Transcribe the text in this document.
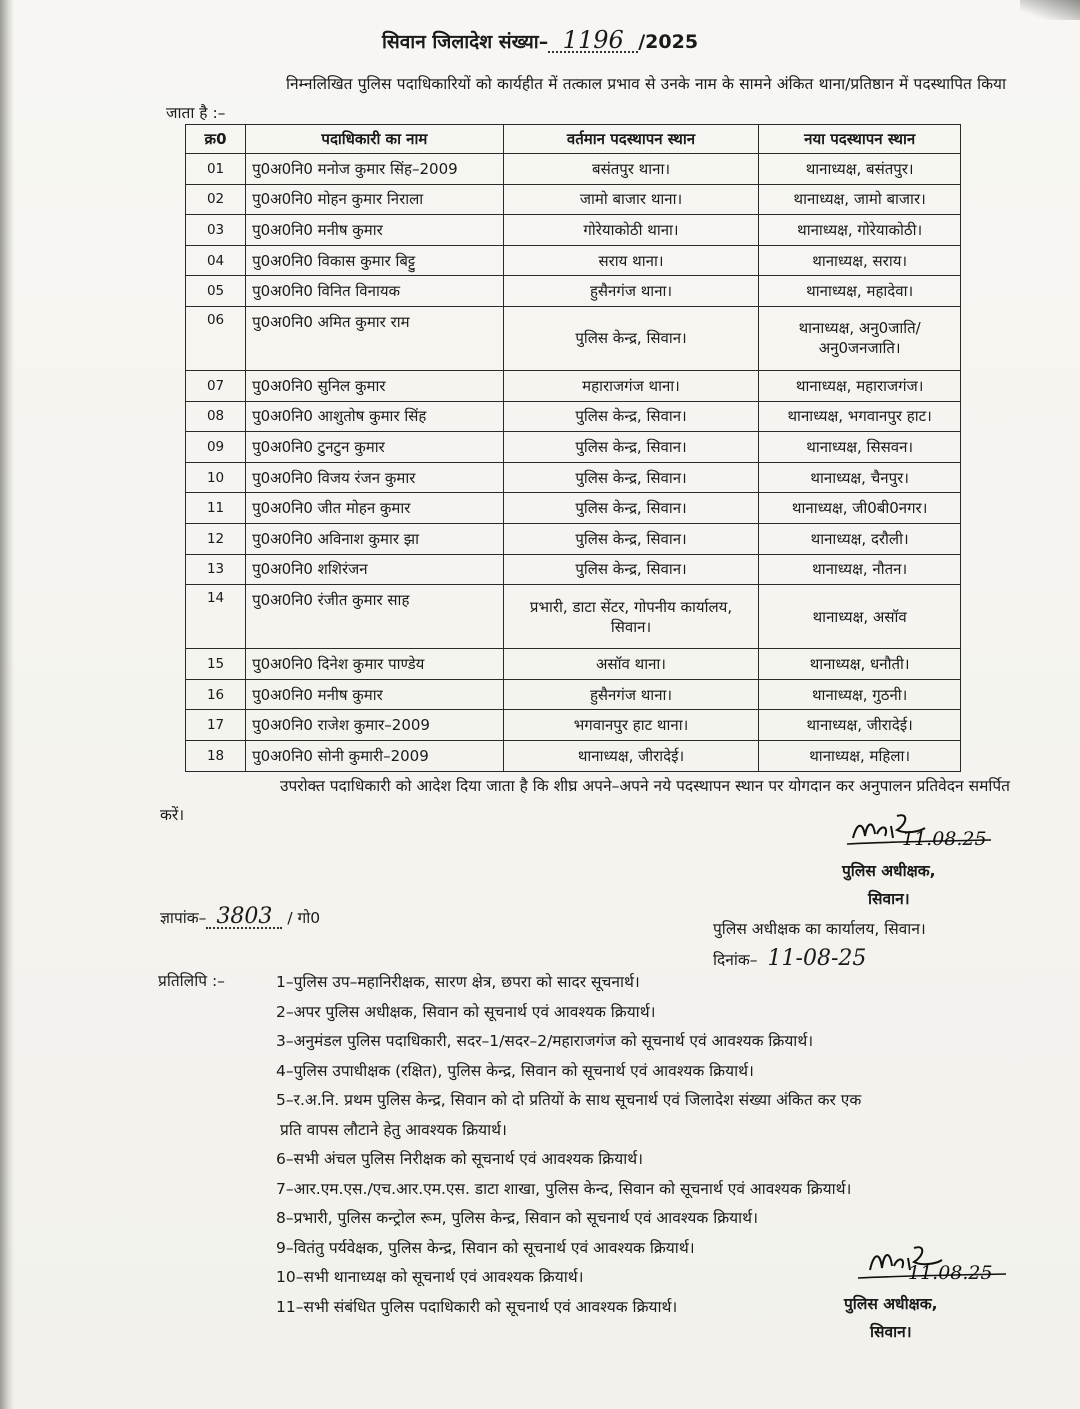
सिवान जिलादेश संख्या– 1196 /2025
निम्नलिखित पुलिस पदाधिकारियों को कार्यहीत में तत्काल प्रभाव से उनके नाम के सामने अंकित थाना/प्रतिष्ठान में पदस्थापित किया जाता है :–
क्र0	पदाधिकारी का नाम	वर्तमान पदस्थापन स्थान	नया पदस्थापन स्थान
01	पु0अ0नि0 मनोज कुमार सिंह–2009	बसंतपुर थाना।	थानाध्यक्ष, बसंतपुर।
02	पु0अ0नि0 मोहन कुमार निराला	जामो बाजार थाना।	थानाध्यक्ष, जामो बाजार।
03	पु0अ0नि0 मनीष कुमार	गोरेयाकोठी थाना।	थानाध्यक्ष, गोरेयाकोठी।
04	पु0अ0नि0 विकास कुमार बिट्टु	सराय थाना।	थानाध्यक्ष, सराय।
05	पु0अ0नि0 विनित विनायक	हुसैनगंज थाना।	थानाध्यक्ष, महादेवा।
06	पु0अ0नि0 अमित कुमार राम	पुलिस केन्द्र, सिवान।	थानाध्यक्ष, अनु0जाति/अनु0जनजाति।
07	पु0अ0नि0 सुनिल कुमार	महाराजगंज थाना।	थानाध्यक्ष, महाराजगंज।
08	पु0अ0नि0 आशुतोष कुमार सिंह	पुलिस केन्द्र, सिवान।	थानाध्यक्ष, भगवानपुर हाट।
09	पु0अ0नि0 टुनटुन कुमार	पुलिस केन्द्र, सिवान।	थानाध्यक्ष, सिसवन।
10	पु0अ0नि0 विजय रंजन कुमार	पुलिस केन्द्र, सिवान।	थानाध्यक्ष, चैनपुर।
11	पु0अ0नि0 जीत मोहन कुमार	पुलिस केन्द्र, सिवान।	थानाध्यक्ष, जी0बी0नगर।
12	पु0अ0नि0 अविनाश कुमार झा	पुलिस केन्द्र, सिवान।	थानाध्यक्ष, दरौली।
13	पु0अ0नि0 शशिरंजन	पुलिस केन्द्र, सिवान।	थानाध्यक्ष, नौतन।
14	पु0अ0नि0 रंजीत कुमार साह	प्रभारी, डाटा सेंटर, गोपनीय कार्यालय, सिवान।	थानाध्यक्ष, असॉव
15	पु0अ0नि0 दिनेश कुमार पाण्डेय	असॉव थाना।	थानाध्यक्ष, धनौती।
16	पु0अ0नि0 मनीष कुमार	हुसैनगंज थाना।	थानाध्यक्ष, गुठनी।
17	पु0अ0नि0 राजेश कुमार–2009	भगवानपुर हाट थाना।	थानाध्यक्ष, जीरादेई।
18	पु0अ0नि0 सोनी कुमारी–2009	थानाध्यक्ष, जीरादेई।	थानाध्यक्ष, महिला।
उपरोक्त पदाधिकारी को आदेश दिया जाता है कि शीघ्र अपने–अपने नये पदस्थापन स्थान पर योगदान कर अनुपालन प्रतिवेदन समर्पित करें।
11.08.25
पुलिस अधीक्षक,
सिवान।
ज्ञापांक– 3803 / गो0
पुलिस अधीक्षक का कार्यालय, सिवान।
दिनांक– 11-08-25
प्रतिलिपि :–	1–पुलिस उप–महानिरीक्षक, सारण क्षेत्र, छपरा को सादर सूचनार्थ।
2–अपर पुलिस अधीक्षक, सिवान को सूचनार्थ एवं आवश्यक क्रियार्थ।
3–अनुमंडल पुलिस पदाधिकारी, सदर–1/सदर–2/महाराजगंज को सूचनार्थ एवं आवश्यक क्रियार्थ।
4–पुलिस उपाधीक्षक (रक्षित), पुलिस केन्द्र, सिवान को सूचनार्थ एवं आवश्यक क्रियार्थ।
5–र.अ.नि. प्रथम पुलिस केन्द्र, सिवान को दो प्रतियों के साथ सूचनार्थ एवं जिलादेश संख्या अंकित कर एक
प्रति वापस लौटाने हेतु आवश्यक क्रियार्थ।
6–सभी अंचल पुलिस निरीक्षक को सूचनार्थ एवं आवश्यक क्रियार्थ।
7–आर.एम.एस./एच.आर.एम.एस. डाटा शाखा, पुलिस केन्द, सिवान को सूचनार्थ एवं आवश्यक क्रियार्थ।
8–प्रभारी, पुलिस कन्ट्रोल रूम, पुलिस केन्द्र, सिवान को सूचनार्थ एवं आवश्यक क्रियार्थ।
9–वितंतु पर्यवेक्षक, पुलिस केन्द्र, सिवान को सूचनार्थ एवं आवश्यक क्रियार्थ।
10–सभी थानाध्यक्ष को सूचनार्थ एवं आवश्यक क्रियार्थ।
11–सभी संबंधित पुलिस पदाधिकारी को सूचनार्थ एवं आवश्यक क्रियार्थ।
11.08.25
पुलिस अधीक्षक,
सिवान।
